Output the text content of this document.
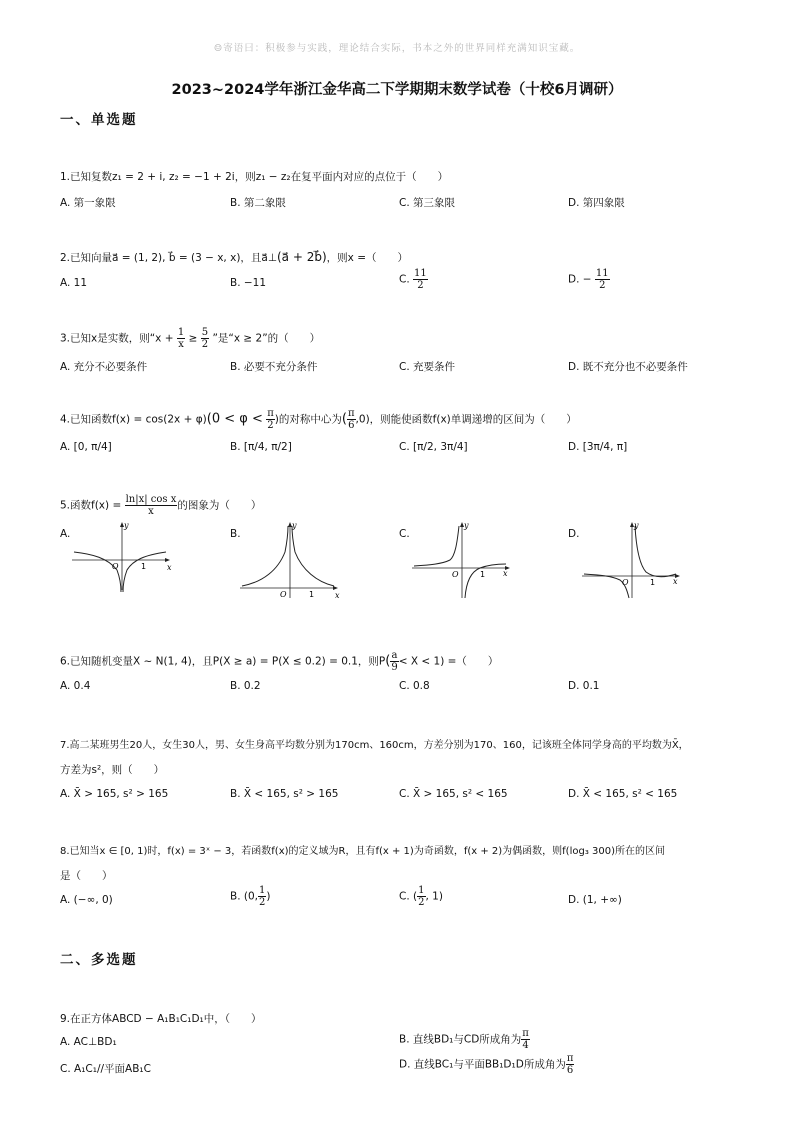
☺寄语曰：积极参与实践，理论结合实际，书本之外的世界同样充满知识宝藏。
2023~2024学年浙江金华高二下学期期末数学试卷（十校6月调研）
一、单选题
1.已知复数z₁ = 2 + i, z₂ = −1 + 2i，则z₁ − z₂在复平面内对应的点位于（　　）
A. 第一象限	B. 第二象限	C. 第三象限	D. 第四象限
2.已知向量a⃗ = (1, 2), b⃗ = (3 − x, x)，且a⃗⊥(a⃗ + 2b⃗)，则x =（　　）
A. 11	B. −11	C. $\frac{11}{2}$	D. − $\frac{11}{2}$
3.已知x是实数，则“$x + \frac{1}{x} \ge \frac{5}{2}$ ”是“x ≥ 2”的（　　）
A. 充分不必要条件	B. 必要不充分条件	C. 充要条件	D. 既不充分也不必要条件
4.已知函数$f(x) = \cos(2x + \varphi)(0 < \varphi < \frac{\pi}{2}$ )的对称中心为( $\frac{\pi}{6} ,0$)，则能使函数f(x)单调递增的区间为（　　）
A. [0, π/4]	B. [π/4, π/2]	C. [π/2, 3π/4]	D. [3π/4, π]
5.函数$f(x) = \frac{\text{ln|x| cos x}}{x}$ 的图象为（　　）
A.	B.	C.	D.
y
x
O	1
y
x
O	1
y
x
O	1
y
x
O	1
6.已知随机变量X ~ N(1, 4)，且P(X ≥ a) = P(X ≤ 0.2) = 0.1，则$P( \frac{a}{9} < X < 1)$ =（　　）
A. 0.4	B. 0.2	C. 0.8	D. 0.1
7.高二某班男生20人，女生30人，男、女生身高平均数分别为170cm、160cm，方差分别为170、160，记该班全体同学身高的平均数为X̄，
方差为s²，则（　　）
A. X̄ > 165, s² > 165	B. X̄ < 165, s² > 165	C. X̄ > 165, s² < 165	D. X̄ < 165, s² < 165
8.已知当x ∈ [0, 1)时，f(x) = 3ˣ − 3，若函数f(x)的定义域为R，且有f(x + 1)为奇函数，f(x + 2)为偶函数，则f(log₃ 300)所在的区间
是（　　）
A. (−∞, 0)	B. (0, $\frac{1}{2}$ )	C. ( $\frac{1}{2}$ , 1)	D. (1, +∞)
二、多选题
9.在正方体ABCD − A₁B₁C₁D₁中，（　　）
A. AC⊥BD₁	B. 直线BD₁与CD所成角为 $\frac{\pi}{4}$
C. A₁C₁//平面AB₁C	D. 直线BC₁与平面BB₁D₁D所成角为 $\frac{\pi}{6}$
